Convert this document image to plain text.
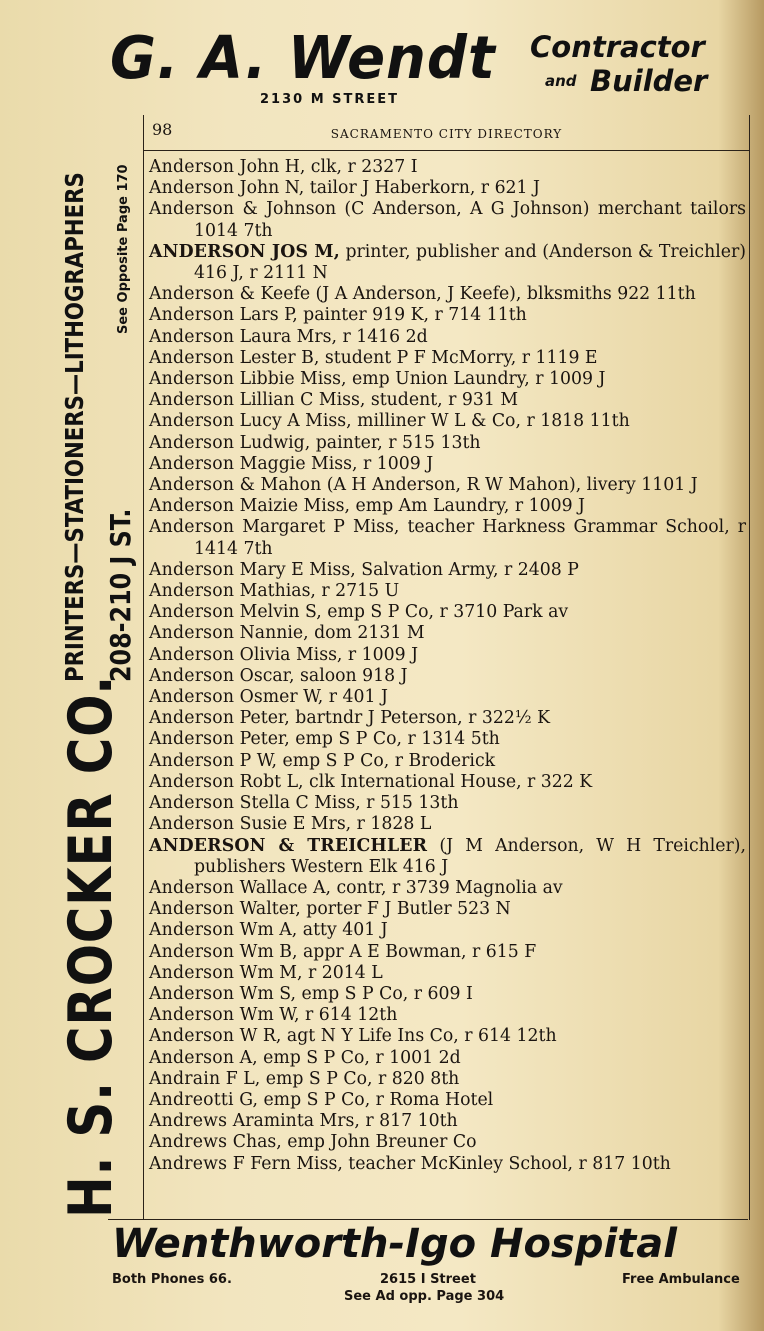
G. A. Wendt
2130 M STREET
Contractor
and Builder
H. S. CROCKER CO.
PRINTERS—STATIONERS—LITHOGRAPHERS 208-210 J ST.
See Opposite Page 170
98	SACRAMENTO CITY DIRECTORY
Anderson John H, clk, r 2327 I
Anderson John N, tailor J Haberkorn, r 621 J
Anderson & Johnson (C Anderson, A G Johnson) merchant tailors 1014 7th
ANDERSON JOS M, printer, publisher and (Anderson & Treichler) 416 J, r 2111 N
Anderson & Keefe (J A Anderson, J Keefe), blksmiths 922 11th
Anderson Lars P, painter 919 K, r 714 11th
Anderson Laura Mrs, r 1416 2d
Anderson Lester B, student P F McMorry, r 1119 E
Anderson Libbie Miss, emp Union Laundry, r 1009 J
Anderson Lillian C Miss, student, r 931 M
Anderson Lucy A Miss, milliner W L & Co, r 1818 11th
Anderson Ludwig, painter, r 515 13th
Anderson Maggie Miss, r 1009 J
Anderson & Mahon (A H Anderson, R W Mahon), livery 1101 J
Anderson Maizie Miss, emp Am Laundry, r 1009 J
Anderson Margaret P Miss, teacher Harkness Grammar School, r 1414 7th
Anderson Mary E Miss, Salvation Army, r 2408 P
Anderson Mathias, r 2715 U
Anderson Melvin S, emp S P Co, r 3710 Park av
Anderson Nannie, dom 2131 M
Anderson Olivia Miss, r 1009 J
Anderson Oscar, saloon 918 J
Anderson Osmer W, r 401 J
Anderson Peter, bartndr J Peterson, r 322½ K
Anderson Peter, emp S P Co, r 1314 5th
Anderson P W, emp S P Co, r Broderick
Anderson Robt L, clk International House, r 322 K
Anderson Stella C Miss, r 515 13th
Anderson Susie E Mrs, r 1828 L
ANDERSON & TREICHLER (J M Anderson, W H Treichler), publishers Western Elk 416 J
Anderson Wallace A, contr, r 3739 Magnolia av
Anderson Walter, porter F J Butler 523 N
Anderson Wm A, atty 401 J
Anderson Wm B, appr A E Bowman, r 615 F
Anderson Wm M, r 2014 L
Anderson Wm S, emp S P Co, r 609 I
Anderson Wm W, r 614 12th
Anderson W R, agt N Y Life Ins Co, r 614 12th
Anderson A, emp S P Co, r 1001 2d
Andrain F L, emp S P Co, r 820 8th
Andreotti G, emp S P Co, r Roma Hotel
Andrews Araminta Mrs, r 817 10th
Andrews Chas, emp John Breuner Co
Andrews F Fern Miss, teacher McKinley School, r 817 10th
Wenthworth-Igo Hospital
Both Phones 66.	2615 I Street
See Ad opp. Page 304
Free Ambulance
